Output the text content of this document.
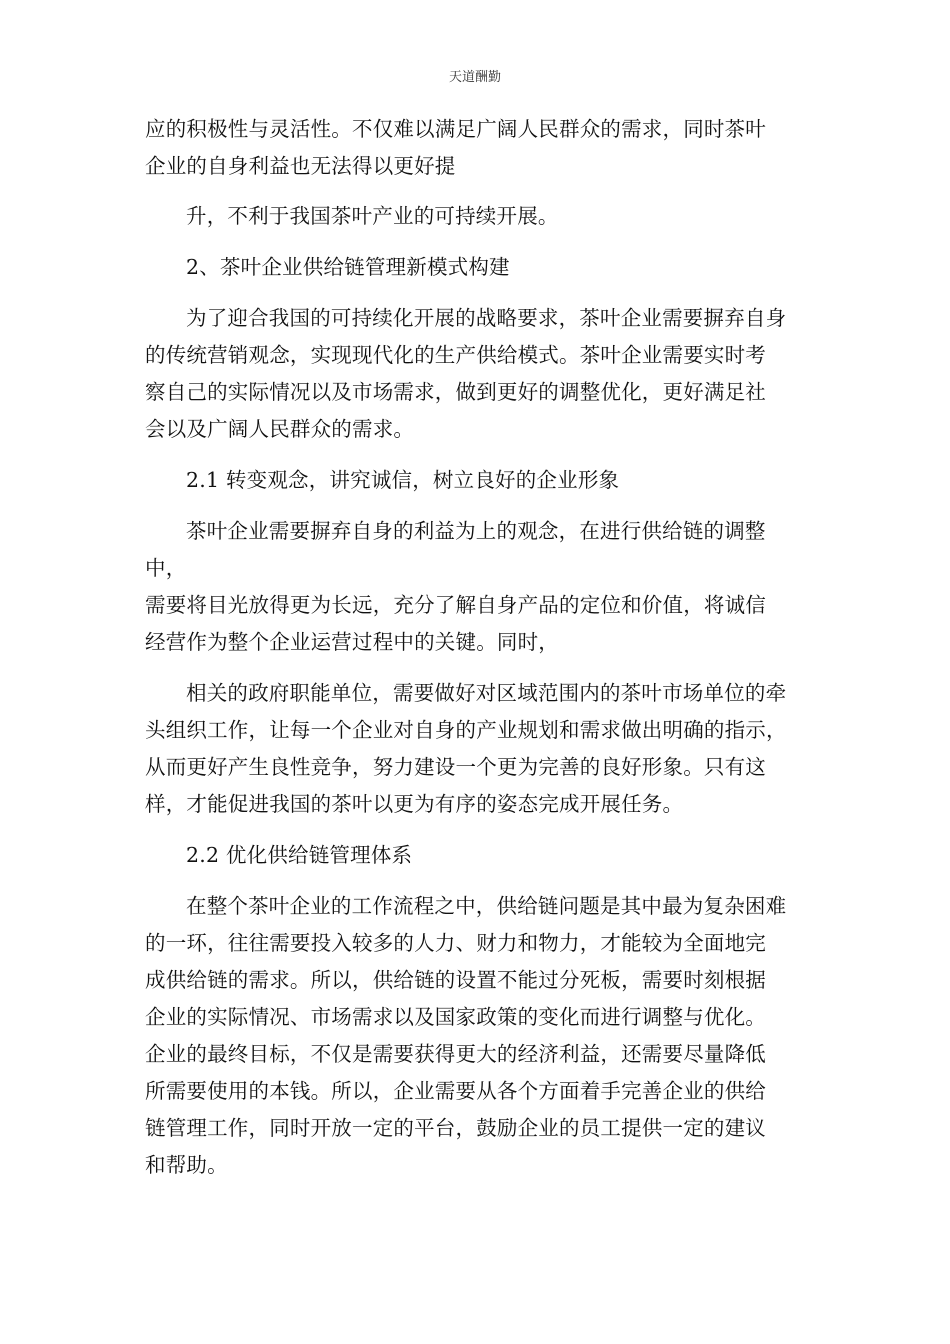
天道酬勤
应的积极性与灵活性。不仅难以满足广阔人民群众的需求，同时茶叶
企业的自身利益也无法得以更好提
升，不利于我国茶叶产业的可持续开展。
2、茶叶企业供给链管理新模式构建
为了迎合我国的可持续化开展的战略要求，茶叶企业需要摒弃自身
的传统营销观念，实现现代化的生产供给模式。茶叶企业需要实时考
察自己的实际情况以及市场需求，做到更好的调整优化，更好满足社
会以及广阔人民群众的需求。
2.1 转变观念，讲究诚信，树立良好的企业形象
茶叶企业需要摒弃自身的利益为上的观念，在进行供给链的调整中，
需要将目光放得更为长远，充分了解自身产品的定位和价值，将诚信
经营作为整个企业运营过程中的关键。同时，
相关的政府职能单位，需要做好对区域范围内的茶叶市场单位的牵
头组织工作，让每一个企业对自身的产业规划和需求做出明确的指示，
从而更好产生良性竞争，努力建设一个更为完善的良好形象。只有这
样，才能促进我国的茶叶以更为有序的姿态完成开展任务。
2.2 优化供给链管理体系
在整个茶叶企业的工作流程之中，供给链问题是其中最为复杂困难
的一环，往往需要投入较多的人力、财力和物力，才能较为全面地完
成供给链的需求。所以，供给链的设置不能过分死板，需要时刻根据
企业的实际情况、市场需求以及国家政策的变化而进行调整与优化。
企业的最终目标，不仅是需要获得更大的经济利益，还需要尽量降低
所需要使用的本钱。所以，企业需要从各个方面着手完善企业的供给
链管理工作，同时开放一定的平台，鼓励企业的员工提供一定的建议
和帮助。
